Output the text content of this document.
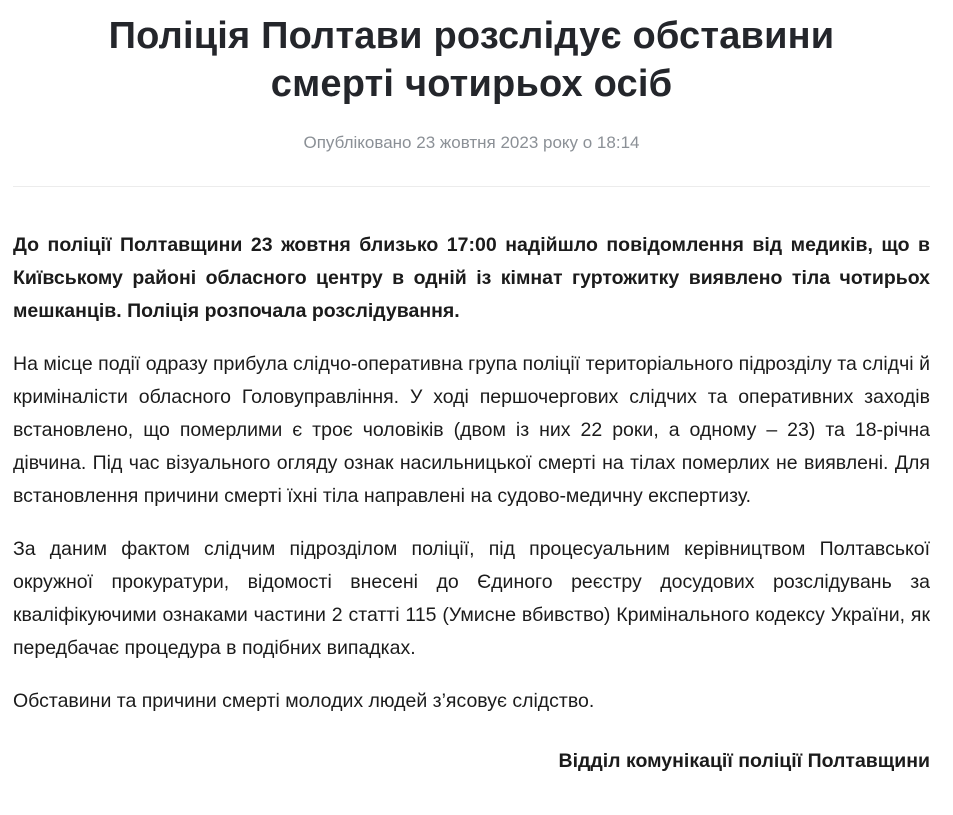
Поліція Полтави розслідує обставини смерті чотирьох осіб
Опубліковано 23 жовтня 2023 року о 18:14

До поліції Полтавщини 23 жовтня близько 17:00 надійшло повідомлення від медиків, що в Київському районі обласного центру в одній із кімнат гуртожитку виявлено тіла чотирьох мешканців. Поліція розпочала розслідування.

На місце події одразу прибула слідчо-оперативна група поліції територіального підрозділу та слідчі й криміналісти обласного Головуправління. У ході першочергових слідчих та оперативних заходів встановлено, що померлими є троє чоловіків (двом із них 22 роки, а одному – 23) та 18-річна дівчина. Під час візуального огляду ознак насильницької смерті на тілах померлих не виявлені. Для встановлення причини смерті їхні тіла направлені на судово-медичну експертизу.

За даним фактом слідчим підрозділом поліції, під процесуальним керівництвом Полтавської окружної прокуратури, відомості внесені до Єдиного реєстру досудових розслідувань за кваліфікуючими ознаками частини 2 статті 115 (Умисне вбивство) Кримінального кодексу України, як передбачає процедура в подібних випадках.

Обставини та причини смерті молодих людей з’ясовує слідство.

Відділ комунікації поліції Полтавщини
